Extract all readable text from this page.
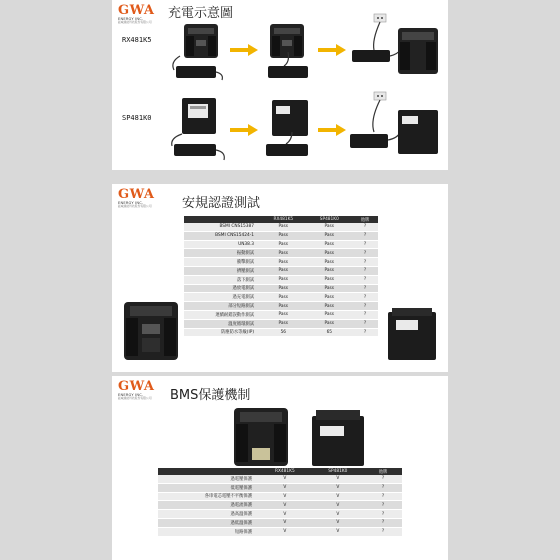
GWA
ENERGY INC.
鉅威綠能科技股份有限公司
充電示意圖
RX481K5
SP481K0
GWA
ENERGY INC.
鉅威綠能科技股份有限公司	安規認證測試
	RX481K5	SP481K0	他牌
BSMI CNS15387	Pass	Pass	?
BSMI CNS15424-1	Pass	Pass	?
UN38.3	Pass	Pass	?
振動測試	Pass	Pass	?
衝擊測試	Pass	Pass	?
擠壓測試	Pass	Pass	?
落下測試	Pass	Pass	?
過放電測試	Pass	Pass	?
過充電測試	Pass	Pass	?
部分短路測試	Pass	Pass	?
連續耐錯誤動作測試	Pass	Pass	?
溫度循環測試	Pass	Pass	?
防塵防水等級(IP)	56	65	?
GWA
ENERGY INC.
鉅威綠能科技股份有限公司	BMS保護機制
	RX481K5	SP481K0	他牌
過電壓保護	V	V	?
低電壓保護	V	V	?
各串電芯電壓不平衡保護	V	V	?
過電流保護	V	V	?
過高溫保護	V	V	?
過低溫保護	V	V	?
短路保護	V	V	?
